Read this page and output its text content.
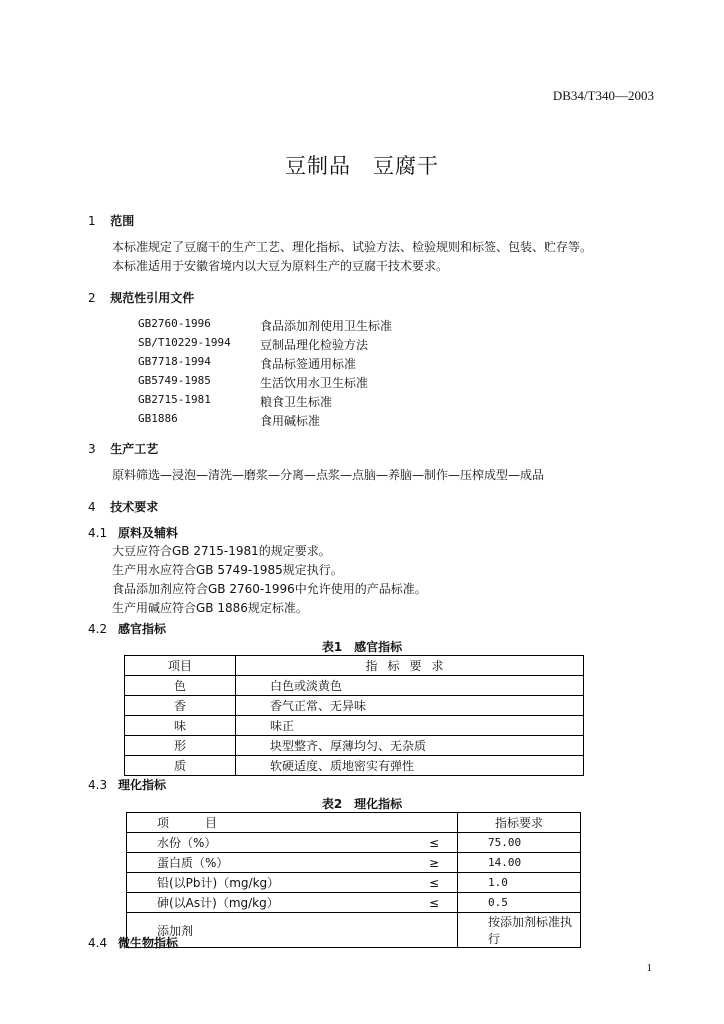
DB34/T340—2003
豆制品　豆腐干
1 范围
本标准规定了豆腐干的生产工艺、理化指标、试验方法、检验规则和标签、包装、贮存等。
本标准适用于安徽省境内以大豆为原料生产的豆腐干技术要求。
2 规范性引用文件
GB2760-1996	食品添加剂使用卫生标准
SB/T10229-1994	豆制品理化检验方法
GB7718-1994	食品标签通用标准
GB5749-1985	生活饮用水卫生标准
GB2715-1981	粮食卫生标准
GB1886	食用碱标准
3 生产工艺
原料筛选—浸泡—清洗—磨浆—分离—点浆—点脑—养脑—制作—压榨成型—成品
4 技术要求
4.1 原料及辅料
大豆应符合GB 2715-1981的规定要求。
生产用水应符合GB 5749-1985规定执行。
食品添加剂应符合GB 2760-1996中允许使用的产品标准。
生产用碱应符合GB 1886规定标准。
4.2 感官指标
表1　感官指标
项目	指标要求
色	白色或淡黄色
香	香气正常、无异味
味	味正
形	块型整齐、厚薄均匀、无杂质
质	软硬适度、质地密实有弹性
4.3 理化指标
表2　理化指标
项　　　目		指标要求
水份（%）	≤	75.00
蛋白质（%）	≥	14.00
铅(以Pb计)（mg/kg）	≤	1.0
砷(以As计)（mg/kg）	≤	0.5
添加剂		按添加剂标准执行
4.4 微生物指标
1
